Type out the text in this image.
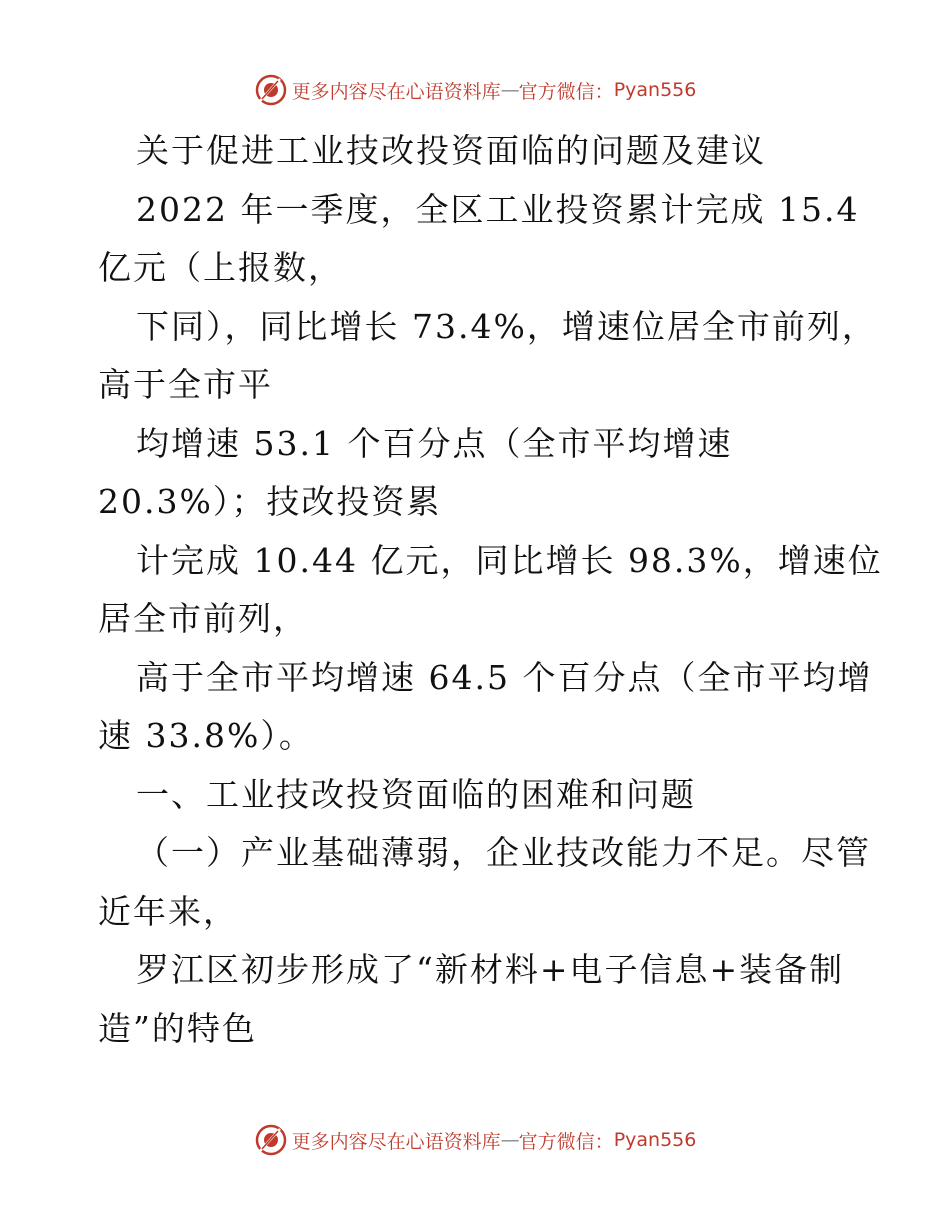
更多内容尽在心语资料库 — 官方微信： Pyan556
关于促进工业技改投资面临的问题及建议
2022 年一季度，全区工业投资累计完成 15.4
亿元（上报数，
下同），同比增长 73.4%，增速位居全市前列，
高于全市平
均增速 53.1 个百分点（全市平均增速
20.3%）；技改投资累
计完成 10.44 亿元，同比增长 98.3%，增速位
居全市前列，
高于全市平均增速 64.5 个百分点（全市平均增
速 33.8%）。
一、工业技改投资面临的困难和问题
（一）产业基础薄弱，企业技改能力不足。尽管
近年来，
罗江区初步形成了“新材料+电子信息+装备制
造”的特色
更多内容尽在心语资料库 — 官方微信： Pyan556
